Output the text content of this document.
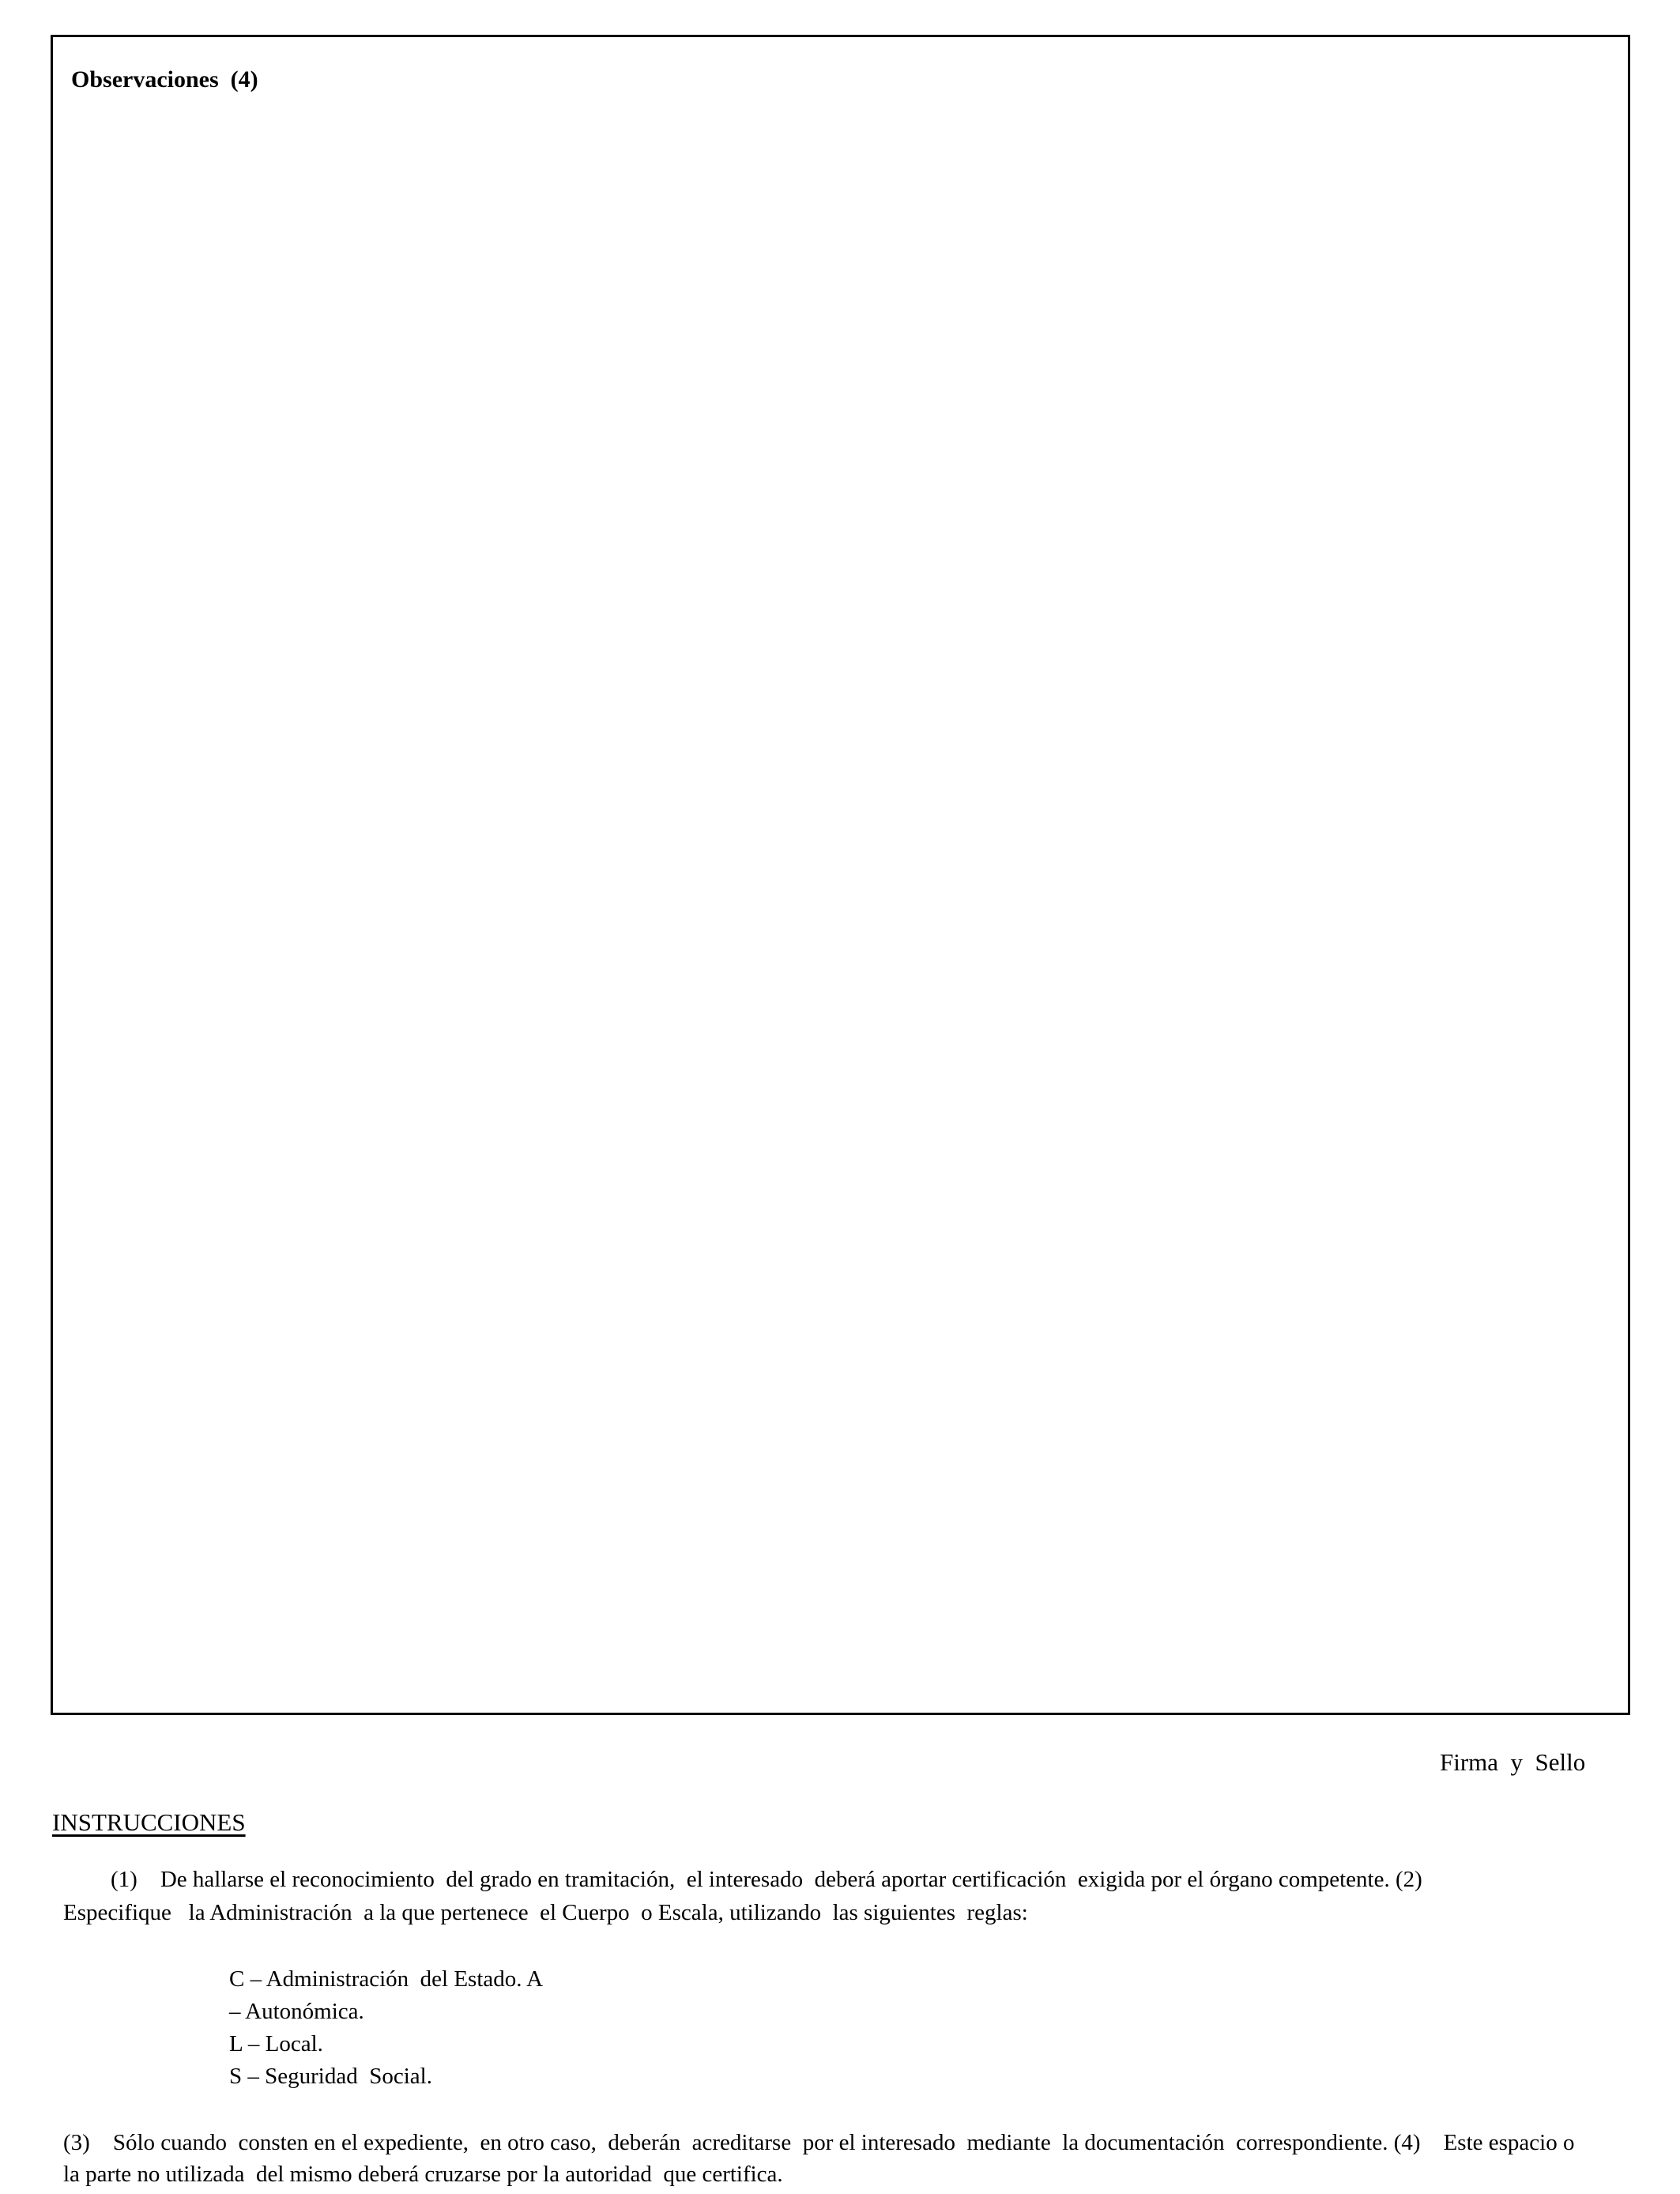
Observaciones  (4)
Firma  y  Sello
INSTRUCCIONES
(1)    De hallarse el reconocimiento  del grado en tramitación,  el interesado  deberá aportar certificación  exigida por el órgano competente. (2)
Especifique   la Administración  a la que pertenece  el Cuerpo  o Escala, utilizando  las siguientes  reglas:
C – Administración  del Estado. A
– Autonómica.
L – Local.
S – Seguridad  Social.
(3)    Sólo cuando  consten en el expediente,  en otro caso,  deberán  acreditarse  por el interesado  mediante  la documentación  correspondiente. (4)    Este espacio o
la parte no utilizada  del mismo deberá cruzarse por la autoridad  que certifica.
